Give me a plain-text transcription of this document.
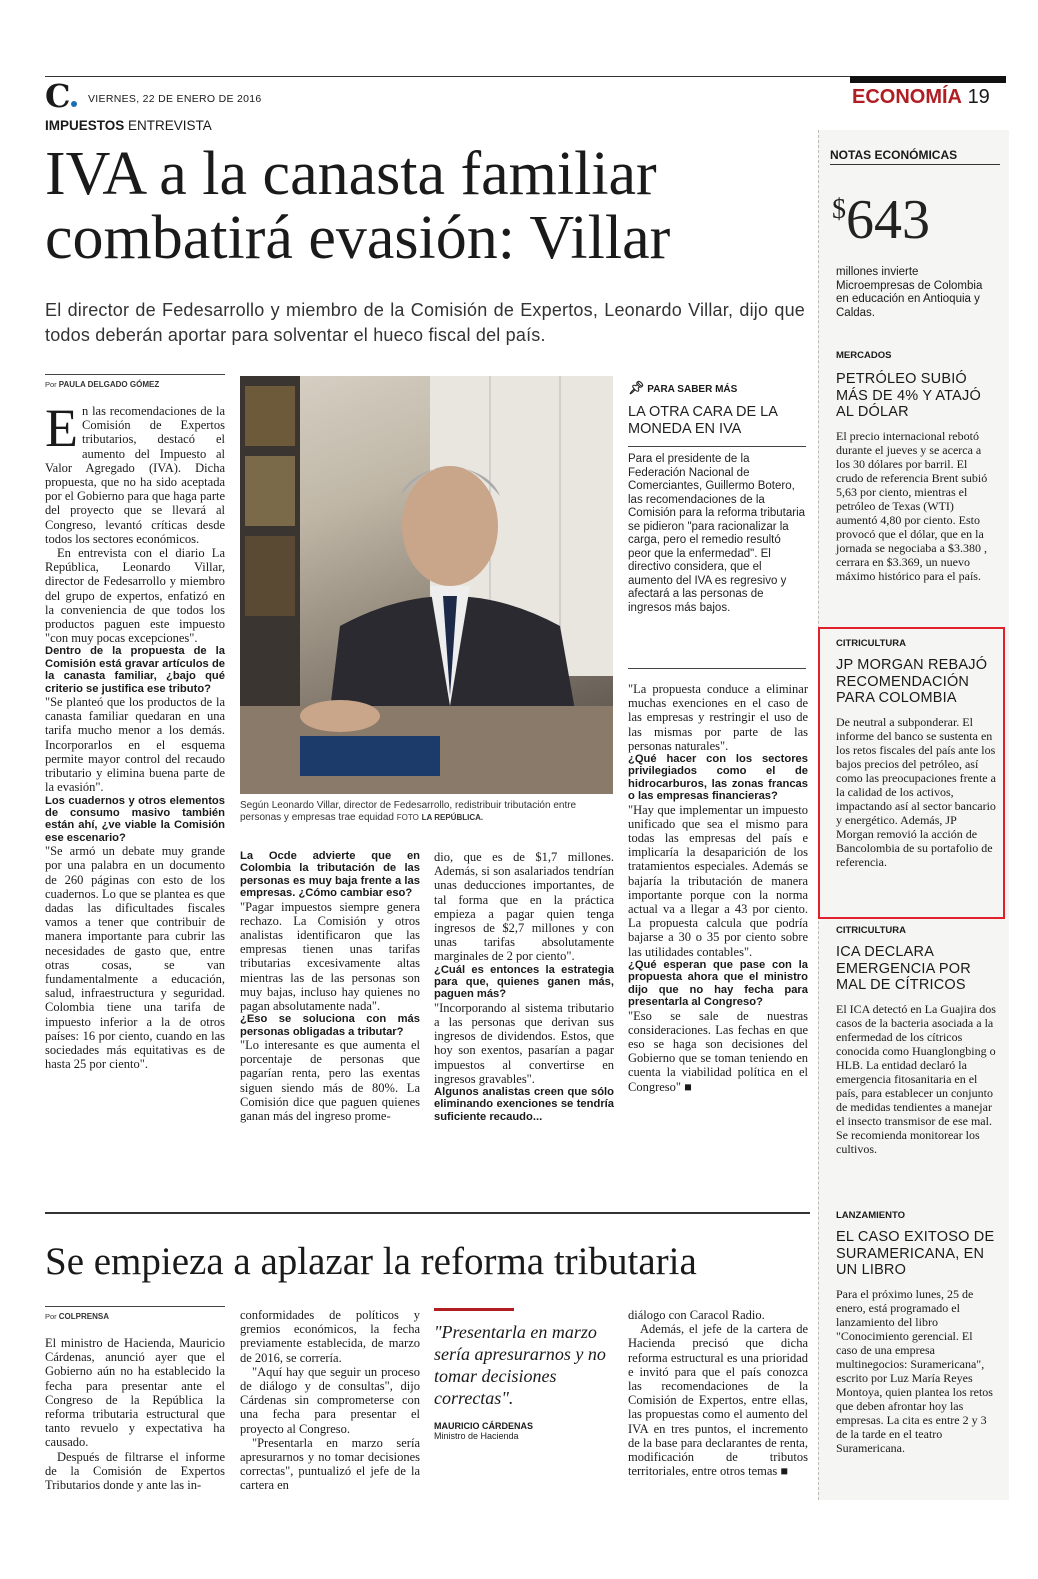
C	VIERNES, 22 DE ENERO DE 2016	ECONOMÍA 19
IMPUESTOS ENTREVISTA
IVA a la canasta familiar
combatirá evasión: Villar
El director de Fedesarrollo y miembro de la Comisión de Expertos, Leonardo Villar, dijo que todos deberán aportar para solventar el hueco fiscal del país.
Por PAULA DELGADO GÓMEZ

En las recomendaciones de la Comisión de Expertos tributarios, destacó el aumento del Impuesto al Valor Agregado (IVA). Dicha propuesta, que no ha sido aceptada por el Gobierno para que haga parte del proyecto que se llevará al Congreso, levantó críticas desde todos los sectores económicos.

En entrevista con el diario La República, Leonardo Villar, director de Fedesarrollo y miembro del grupo de expertos, enfatizó en la conveniencia de que todos los productos paguen este impuesto "con muy pocas excepciones".

Dentro de la propuesta de la Comisión está gravar artículos de la canasta familiar, ¿bajo qué criterio se justifica ese tributo?

"Se planteó que los productos de la canasta familiar quedaran en una tarifa mucho menor a los demás. Incorporarlos en el esquema permite mayor control del recaudo tributario y elimina buena parte de la evasión".

Los cuadernos y otros elementos de consumo masivo también están ahí, ¿ve viable la Comisión ese escenario?

"Se armó un debate muy grande por una palabra en un documento de 260 páginas con esto de los cuadernos. Lo que se plantea es que dadas las dificultades fiscales vamos a tener que contribuir de manera importante para cubrir las necesidades de gasto que, entre otras cosas, se van fundamentalmente a educación, salud, infraestructura y seguridad. Colombia tiene una tarifa de impuesto inferior a la de otros países: 16 por ciento, cuando en las sociedades más equitativas es de hasta 25 por ciento".

Según Leonardo Villar, director de Fedesarrollo, redistribuir tributación entre personas y empresas trae equidad FOTO LA REPÚBLICA.

La Ocde advierte que en Colombia la tributación de las personas es muy baja frente a las empresas. ¿Cómo cambiar eso?

"Pagar impuestos siempre genera rechazo. La Comisión y otros analistas identificaron que las empresas tienen unas tarifas tributarias excesivamente altas mientras las de las personas son muy bajas, incluso hay quienes no pagan absolutamente nada".

¿Eso se soluciona con más personas obligadas a tributar?

"Lo interesante es que aumenta el porcentaje de personas que pagarían renta, pero las exentas siguen siendo más de 80%. La Comisión dice que paguen quienes ganan más del ingreso prome-

dio, que es de $1,7 millones. Además, si son asalariados tendrían unas deducciones importantes, de tal forma que en la práctica empieza a pagar quien tenga ingresos de $2,7 millones y con unas tarifas absolutamente marginales de 2 por ciento".

¿Cuál es entonces la estrategia para que, quienes ganen más, paguen más?

"Incorporando al sistema tributario a las personas que derivan sus ingresos de dividendos. Estos, que hoy son exentos, pasarían a pagar impuestos al convertirse en ingresos gravables".

Algunos analistas creen que sólo eliminando exenciones se tendría suficiente recaudo...

📌︎ PARA SABER MÁS
LA OTRA CARA DE LA MONEDA EN IVA
Para el presidente de la Federación Nacional de Comerciantes, Guillermo Botero, las recomendaciones de la Comisión para la reforma tributaria se pidieron "para racionalizar la carga, pero el remedio resultó peor que la enfermedad". El directivo considera, que el aumento del IVA es regresivo y afectará a las personas de ingresos más bajos.

"La propuesta conduce a eliminar muchas exenciones en el caso de las empresas y restringir el uso de las mismas por parte de las personas naturales".

¿Qué hacer con los sectores privilegiados como el de hidrocarburos, las zonas francas o las empresas financieras?

"Hay que implementar un impuesto unificado que sea el mismo para todas las empresas del país e implicaría la desaparición de los tratamientos especiales. Además se bajaría la tributación de manera importante porque con la norma actual va a llegar a 43 por ciento. La propuesta calcula que podría bajarse a 30 o 35 por ciento sobre las utilidades contables".

¿Qué esperan que pase con la propuesta ahora que el ministro dijo que no hay fecha para presentarla al Congreso?

"Eso se sale de nuestras consideraciones. Las fechas en que eso se haga son decisiones del Gobierno que se toman teniendo en cuenta la viabilidad política en el Congreso" ■

NOTAS ECONÓMICAS
$643
millones invierte Microempresas de Colombia en educación en Antioquia y Caldas.
MERCADOS
PETRÓLEO SUBIÓ MÁS DE 4% Y ATAJÓ AL DÓLAR
El precio internacional rebotó durante el jueves y se acerca a los 30 dólares por barril. El crudo de referencia Brent subió 5,63 por ciento, mientras el petróleo de Texas (WTI) aumentó 4,80 por ciento. Esto provocó que el dólar, que en la jornada se negociaba a $3.380 , cerrara en $3.369, un nuevo máximo histórico para el país.
CITRICULTURA
JP MORGAN REBAJÓ RECOMENDACIÓN PARA COLOMBIA
De neutral a subponderar. El informe del banco se sustenta en los retos fiscales del país ante los bajos precios del petróleo, así como las preocupaciones frente a la calidad de los activos, impactando así al sector bancario y energético. Además, JP Morgan removió la acción de Bancolombia de su portafolio de referencia.
CITRICULTURA
ICA DECLARA EMERGENCIA POR MAL DE CÍTRICOS
El ICA detectó en La Guajira dos casos de la bacteria asociada a la enfermedad de los cítricos conocida como Huanglongbing o HLB. La entidad declaró la emergencia fitosanitaria en el país, para establecer un conjunto de medidas tendientes a manejar el insecto transmisor de ese mal. Se recomienda monitorear los cultivos.
LANZAMIENTO
EL CASO EXITOSO DE SURAMERICANA, EN UN LIBRO
Para el próximo lunes, 25 de enero, está programado el lanzamiento del libro "Conocimiento gerencial. El caso de una empresa multinegocios: Suramericana", escrito por Luz María Reyes Montoya, quien plantea los retos que deben afrontar hoy las empresas. La cita es entre 2 y 3 de la tarde en el teatro Suramericana.
Se empieza a aplazar la reforma tributaria
Por COLPRENSA

El ministro de Hacienda, Mauricio Cárdenas, anunció ayer que el Gobierno aún no ha establecido la fecha para presentar ante el Congreso de la República la reforma tributaria estructural que tanto revuelo y expectativa ha causado.

Después de filtrarse el informe de la Comisión de Expertos Tributarios donde y ante las in-

conformidades de políticos y gremios económicos, la fecha previamente establecida, de marzo de 2016, se correría.

"Aquí hay que seguir un proceso de diálogo y de consultas", dijo Cárdenas sin comprometerse con una fecha para presentar el proyecto al Congreso.

"Presentarla en marzo sería apresurarnos y no tomar decisiones correctas", puntualizó el jefe de la cartera en

"Presentarla en marzo sería apresurarnos y no tomar decisiones correctas".
MAURICIO CÁRDENAS
Ministro de Hacienda

diálogo con Caracol Radio.

Además, el jefe de la cartera de Hacienda precisó que dicha reforma estructural es una prioridad e invitó para que el país conozca las recomendaciones de la Comisión de Expertos, entre ellas, las propuestas como el aumento del IVA en tres puntos, el incremento de la base para declarantes de renta, modificación de tributos territoriales, entre otros temas ■
